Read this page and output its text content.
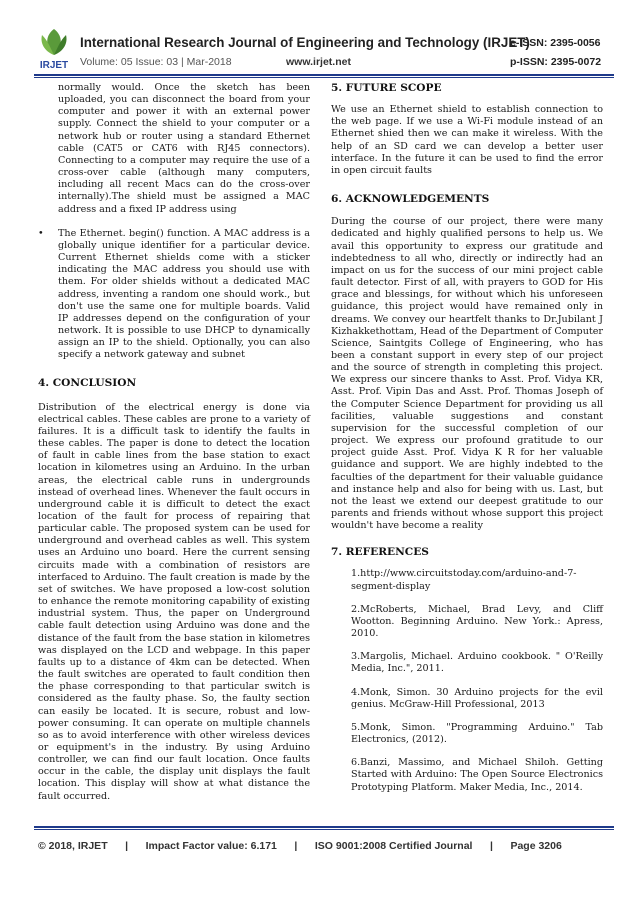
IRJET
International Research Journal of Engineering and Technology (IRJET)
e-ISSN: 2395-0056
Volume: 05 Issue: 03 | Mar-2018	www.irjet.net	p-ISSN: 2395-0072

normally would. Once the sketch has been uploaded, you can disconnect the board from your computer and power it with an external power supply. Connect the shield to your computer or a network hub or router using a standard Ethernet cable (CAT5 or CAT6 with RJ45 connectors). Connecting to a computer may require the use of a cross-over cable (although many computers, including all recent Macs can do the cross-over internally).The shield must be assigned a MAC address and a fixed IP address using

• The Ethernet. begin() function. A MAC address is a globally unique identifier for a particular device. Current Ethernet shields come with a sticker indicating the MAC address you should use with them. For older shields without a dedicated MAC address, inventing a random one should work., but don't use the same one for multiple boards. Valid IP addresses depend on the configuration of your network. It is possible to use DHCP to dynamically assign an IP to the shield. Optionally, you can also specify a network gateway and subnet

4. CONCLUSION

Distribution of the electrical energy is done via electrical cables. These cables are prone to a variety of failures. It is a difficult task to identify the faults in these cables. The paper is done to detect the location of fault in cable lines from the base station to exact location in kilometres using an Arduino. In the urban areas, the electrical cable runs in undergrounds instead of overhead lines. Whenever the fault occurs in underground cable it is difficult to detect the exact location of the fault for process of repairing that particular cable. The proposed system can be used for underground and overhead cables as well. This system uses an Arduino uno board. Here the current sensing circuits made with a combination of resistors are interfaced to Arduino. The fault creation is made by the set of switches. We have proposed a low-cost solution to enhance the remote monitoring capability of existing industrial system. Thus, the paper on Underground cable fault detection using Arduino was done and the distance of the fault from the base station in kilometres was displayed on the LCD and webpage. In this paper faults up to a distance of 4km can be detected. When the fault switches are operated to fault condition then the phase corresponding to that particular switch is considered as the faulty phase. So, the faulty section can easily be located. It is secure, robust and low-power consuming. It can operate on multiple channels so as to avoid interference with other wireless devices or equipment's in the industry. By using Arduino controller, we can find our fault location. Once faults occur in the cable, the display unit displays the fault location. This display will show at what distance the fault occurred.

5. FUTURE SCOPE

We use an Ethernet shield to establish connection to the web page. If we use a Wi-Fi module instead of an Ethernet shied then we can make it wireless. With the help of an SD card we can develop a better user interface. In the future it can be used to find the error in open circuit faults

6. ACKNOWLEDGEMENTS

During the course of our project, there were many dedicated and highly qualified persons to help us. We avail this opportunity to express our gratitude and indebtedness to all who, directly or indirectly had an impact on us for the success of our mini project cable fault detector. First of all, with prayers to GOD for His grace and blessings, for without which his unforeseen guidance, this project would have remained only in dreams. We convey our heartfelt thanks to Dr.Jubilant J Kizhakkethottam, Head of the Department of Computer Science, Saintgits College of Engineering, who has been a constant support in every step of our project and the source of strength in completing this project. We express our sincere thanks to Asst. Prof. Vidya KR, Asst. Prof. Vipin Das and Asst. Prof. Thomas Joseph of the Computer Science Department for providing us all facilities, valuable suggestions and constant supervision for the successful completion of our project. We express our profound gratitude to our project guide Asst. Prof. Vidya K R for her valuable guidance and support. We are highly indebted to the faculties of the department for their valuable guidance and instance help and also for being with us. Last, but not the least we extend our deepest gratitude to our parents and friends without whose support this project wouldn't have become a reality

7. REFERENCES

1.http://www.circuitstoday.com/arduino-and-7-segment-display

2.McRoberts, Michael, Brad Levy, and Cliff Wootton. Beginning Arduino. New York.: Apress, 2010.

3.Margolis, Michael. Arduino cookbook. " O'Reilly Media, Inc.", 2011.

4.Monk, Simon. 30 Arduino projects for the evil genius. McGraw-Hill Professional, 2013

5.Monk, Simon. "Programming Arduino." Tab Electronics, (2012).

6.Banzi, Massimo, and Michael Shiloh. Getting Started with Arduino: The Open Source Electronics Prototyping Platform. Maker Media, Inc., 2014.

© 2018, IRJET | Impact Factor value: 6.171 | ISO 9001:2008 Certified Journal | Page 3206
